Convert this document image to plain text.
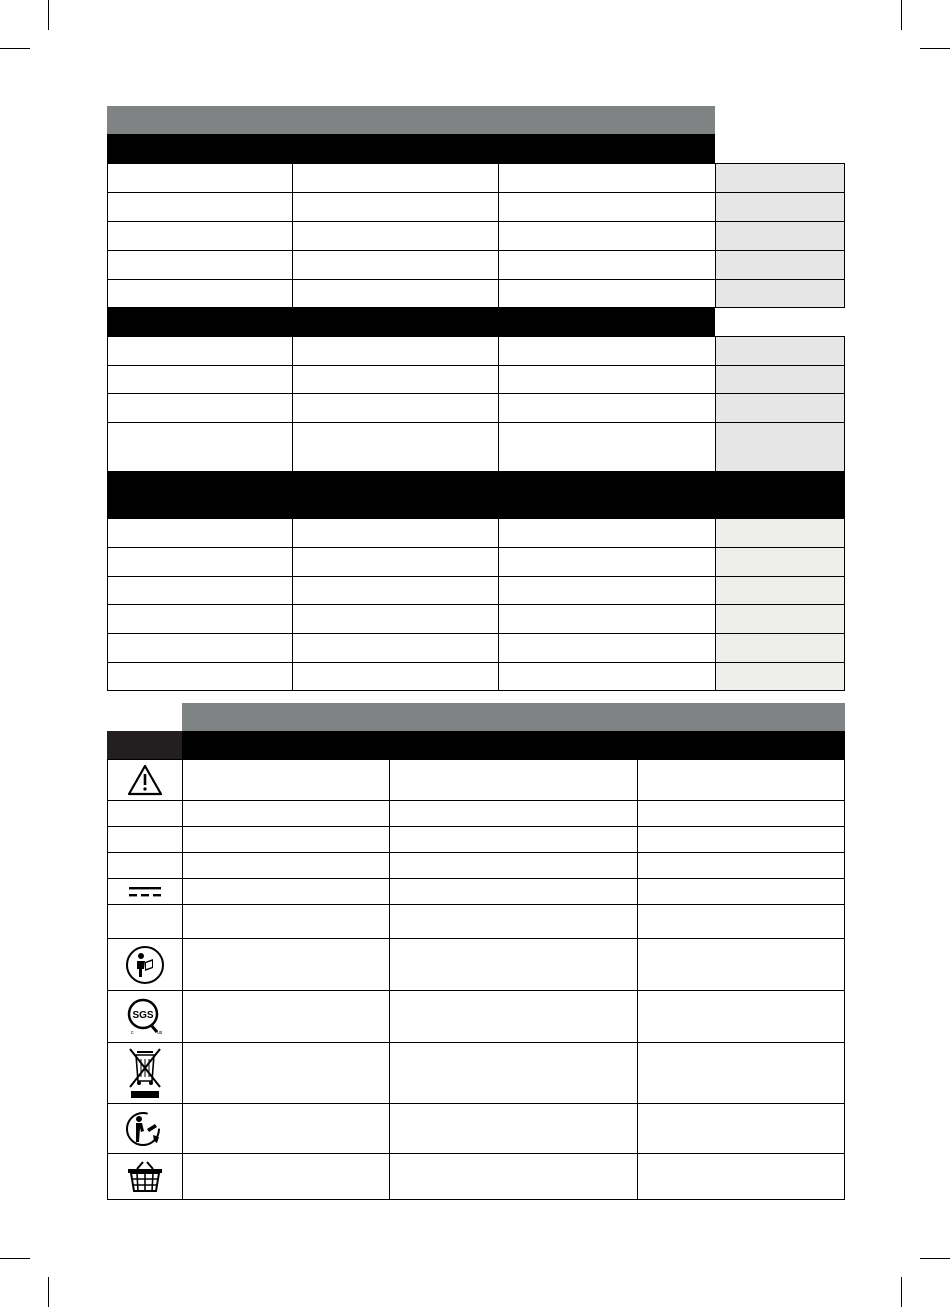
SGS
c	us
